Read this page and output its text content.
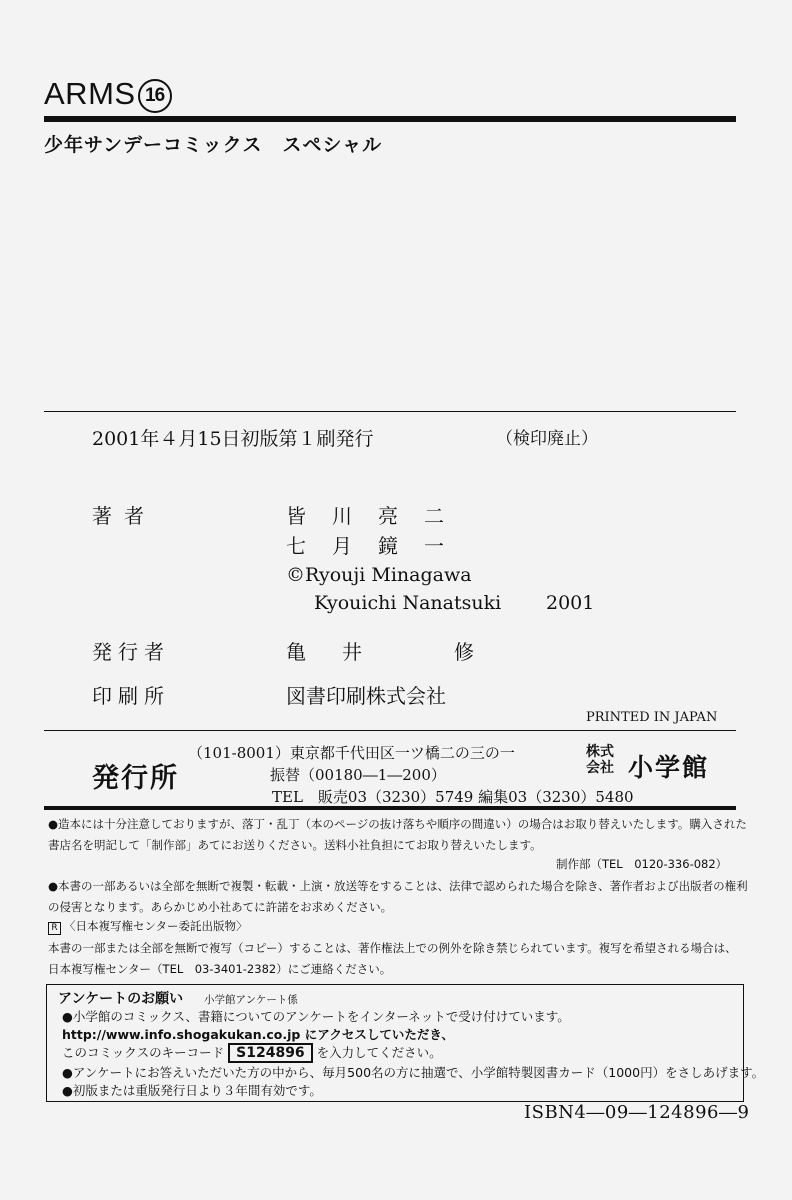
ARMS 16
少年サンデーコミックス　スペシャル
2001年４月15日初版第１刷発行	（検印廃止）
著者	皆川亮二
七月鏡一
©Ryouji Minagawa
Kyouichi Nanatsuki 2001
発行者	亀井　修
印刷所	図書印刷株式会社
PRINTED IN JAPAN
発行所
（101-8001）東京都千代田区一ツ橋二の三の一
振替（00180―1―200）
TEL　販売03（3230）5749 編集03（3230）5480
株式会社 小学館
●造本には十分注意しておりますが、落丁・乱丁（本のページの抜け落ちや順序の間違い）の場合はお取り替えいたします。購入された書店名を明記して「制作部」あてにお送りください。送料小社負担にてお取り替えいたします。
制作部（TEL　0120-336-082）
●本書の一部あるいは全部を無断で複製・転載・上演・放送等をすることは、法律で認められた場合を除き、著作者および出版者の権利の侵害となります。あらかじめ小社あてに許諾をお求めください。
R 〈日本複写権センター委託出版物〉
本書の一部または全部を無断で複写（コピー）することは、著作権法上での例外を除き禁じられています。複写を希望される場合は、日本複写権センター（TEL　03-3401-2382）にご連絡ください。
アンケートのお願い 小学館アンケート係
●小学館のコミックス、書籍についてのアンケートをインターネットで受け付けています。
http://www.info.shogakukan.co.jp にアクセスしていただき、
このコミックスのキーコード S124896 を入力してください。
●アンケートにお答えいただいた方の中から、毎月500名の方に抽選で、小学館特製図書カード（1000円）をさしあげます。
●初版または重版発行日より３年間有効です。
ISBN4―09―124896―9
